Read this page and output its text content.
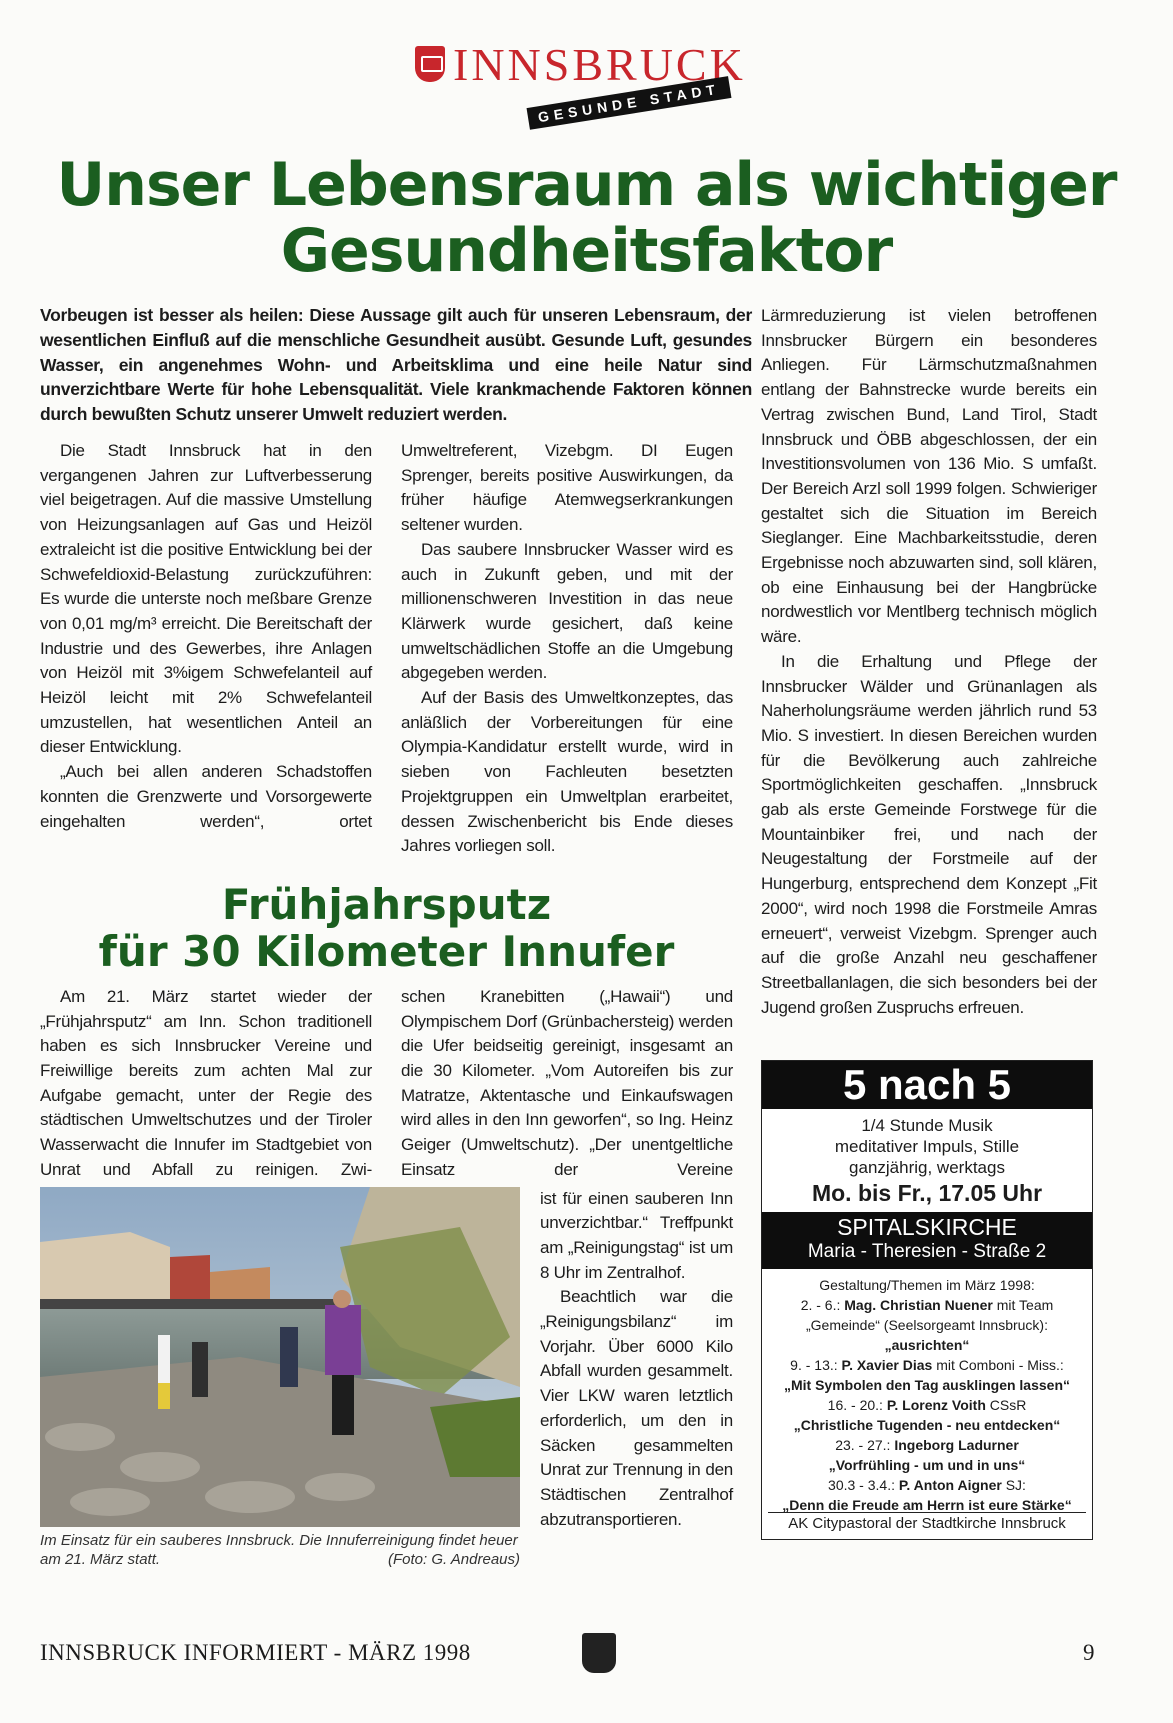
INNSBRUCK
GESUNDE STADT
Unser Lebensraum als wichtiger
Gesundheitsfaktor
Vorbeugen ist besser als heilen: Diese Aussage gilt auch für unseren Lebensraum, der wesentlichen Einfluß auf die menschliche Gesundheit ausübt. Gesunde Luft, gesundes Wasser, ein angenehmes Wohn- und Arbeitsklima und eine heile Natur sind unverzichtbare Werte für hohe Lebensqualität. Viele krankmachende Faktoren können durch bewußten Schutz unserer Umwelt reduziert werden.

Die Stadt Innsbruck hat in den vergangenen Jahren zur Luftverbesserung viel beigetragen. Auf die massive Umstellung von Heizungsanlagen auf Gas und Heizöl extraleicht ist die positive Entwicklung bei der Schwefeldioxid-Belastung zurückzuführen: Es wurde die unterste noch meßbare Grenze von 0,01 mg/m³ erreicht. Die Bereitschaft der Industrie und des Gewerbes, ihre Anlagen von Heizöl mit 3%igem Schwefelanteil auf Heizöl leicht mit 2% Schwefelanteil umzustellen, hat wesentlichen Anteil an dieser Entwicklung.

„Auch bei allen anderen Schadstoffen konnten die Grenzwerte und Vorsorgewerte eingehalten werden“, ortet

Umweltreferent, Vizebgm. DI Eugen Sprenger, bereits positive Auswirkungen, da früher häufige Atemwegserkrankungen seltener wurden.

Das saubere Innsbrucker Wasser wird es auch in Zukunft geben, und mit der millionenschweren Investition in das neue Klärwerk wurde gesichert, daß keine umweltschädlichen Stoffe an die Umgebung abgegeben werden.

Auf der Basis des Umweltkonzeptes, das anläßlich der Vorbereitungen für eine Olympia-Kandidatur erstellt wurde, wird in sieben von Fachleuten besetzten Projektgruppen ein Umweltplan erarbeitet, dessen Zwischenbericht bis Ende dieses Jahres vorliegen soll.

Frühjahrsputz
für 30 Kilometer Innufer

Am 21. März startet wieder der „Frühjahrsputz“ am Inn. Schon traditionell haben es sich Innsbrucker Vereine und Freiwillige bereits zum achten Mal zur Aufgabe gemacht, unter der Regie des städtischen Umweltschutzes und der Tiroler Wasserwacht die Innufer im Stadtgebiet von Unrat und Abfall zu reinigen. Zwi-

schen Kranebitten („Hawaii“) und Olympischem Dorf (Grünbachersteig) werden die Ufer beidseitig gereinigt, insgesamt an die 30 Kilometer. „Vom Autoreifen bis zur Matratze, Aktentasche und Einkaufswagen wird alles in den Inn geworfen“, so Ing. Heinz Geiger (Umweltschutz). „Der unentgeltliche Einsatz der Vereine

Im Einsatz für ein sauberes Innsbruck. Die Innuferreinigung findet heuer am 21. März statt.	(Foto: G. Andreaus)

ist für einen sauberen Inn unverzichtbar.“ Treffpunkt am „Reinigungstag“ ist um 8 Uhr im Zentralhof.

Beachtlich war die „Reinigungsbilanz“ im Vorjahr. Über 6000 Kilo Abfall wurden gesammelt. Vier LKW waren letztlich erforderlich, um den in Säcken gesammelten Unrat zur Trennung in den Städtischen Zentralhof abzutransportieren.

Lärmreduzierung ist vielen betroffenen Innsbrucker Bürgern ein besonderes Anliegen. Für Lärmschutzmaßnahmen entlang der Bahnstrecke wurde bereits ein Vertrag zwischen Bund, Land Tirol, Stadt Innsbruck und ÖBB abgeschlossen, der ein Investitionsvolumen von 136 Mio. S umfaßt. Der Bereich Arzl soll 1999 folgen. Schwieriger gestaltet sich die Situation im Bereich Sieglanger. Eine Machbarkeitsstudie, deren Ergebnisse noch abzuwarten sind, soll klären, ob eine Einhausung bei der Hangbrücke nordwestlich vor Mentlberg technisch möglich wäre.

In die Erhaltung und Pflege der Innsbrucker Wälder und Grünanlagen als Naherholungsräume werden jährlich rund 53 Mio. S investiert. In diesen Bereichen wurden für die Bevölkerung auch zahlreiche Sportmöglichkeiten geschaffen. „Innsbruck gab als erste Gemeinde Forstwege für die Mountainbiker frei, und nach der Neugestaltung der Forstmeile auf der Hungerburg, entsprechend dem Konzept „Fit 2000“, wird noch 1998 die Forstmeile Amras erneuert“, verweist Vizebgm. Sprenger auch auf die große Anzahl neu geschaffener Streetballanlagen, die sich besonders bei der Jugend großen Zuspruchs erfreuen.

5 nach 5
1/4 Stunde Musik
meditativer Impuls, Stille
ganzjährig, werktags
Mo. bis Fr., 17.05 Uhr
SPITALSKIRCHE
Maria - Theresien - Straße 2
Gestaltung/Themen im März 1998:
2. - 6.: Mag. Christian Nuener mit Team
„Gemeinde“ (Seelsorgeamt Innsbruck):
„ausrichten“
9. - 13.: P. Xavier Dias mit Comboni - Miss.:
„Mit Symbolen den Tag ausklingen lassen“
16. - 20.: P. Lorenz Voith CSsR
„Christliche Tugenden - neu entdecken“
23. - 27.: Ingeborg Ladurner
„Vorfrühling - um und in uns“
30.3 - 3.4.: P. Anton Aigner SJ:
„Denn die Freude am Herrn ist eure Stärke“
AK Citypastoral der Stadtkirche Innsbruck
INNSBRUCK INFORMIERT - MÄRZ 1998	9
